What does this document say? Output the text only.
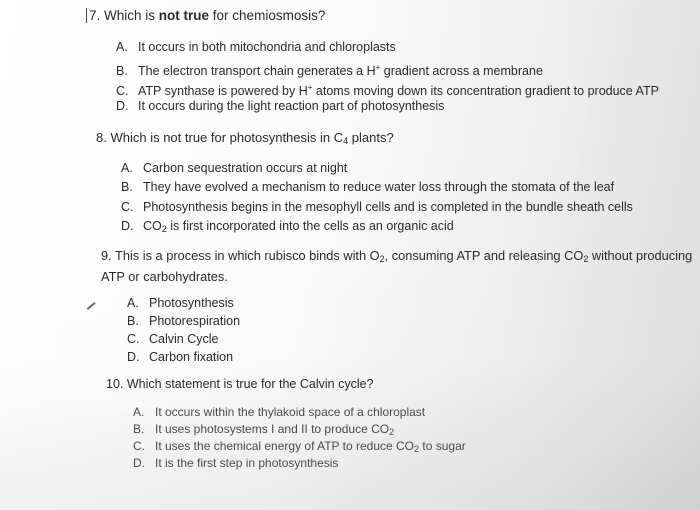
7. Which is not true for chemiosmosis?
A. It occurs in both mitochondria and chloroplasts
B. The electron transport chain generates a H+ gradient across a membrane
C. ATP synthase is powered by H+ atoms moving down its concentration gradient to produce ATP
D. It occurs during the light reaction part of photosynthesis
8. Which is not true for photosynthesis in $C_4$ plants?
A. Carbon sequestration occurs at night
B. They have evolved a mechanism to reduce water loss through the stomata of the leaf
C. Photosynthesis begins in the mesophyll cells and is completed in the bundle sheath cells
D. $CO_2$ is first incorporated into the cells as an organic acid
9. This is a process in which rubisco binds with $O_2$, consuming ATP and releasing $CO_2$ without producing
ATP or carbohydrates.
A. Photosynthesis
B. Photorespiration
C. Calvin Cycle
D. Carbon fixation
10. Which statement is true for the Calvin cycle?
A. It occurs within the thylakoid space of a chloroplast
B. It uses photosystems I and II to produce $CO_2$
C. It uses the chemical energy of ATP to reduce $CO_2$ to sugar
D. It is the first step in photosynthesis
